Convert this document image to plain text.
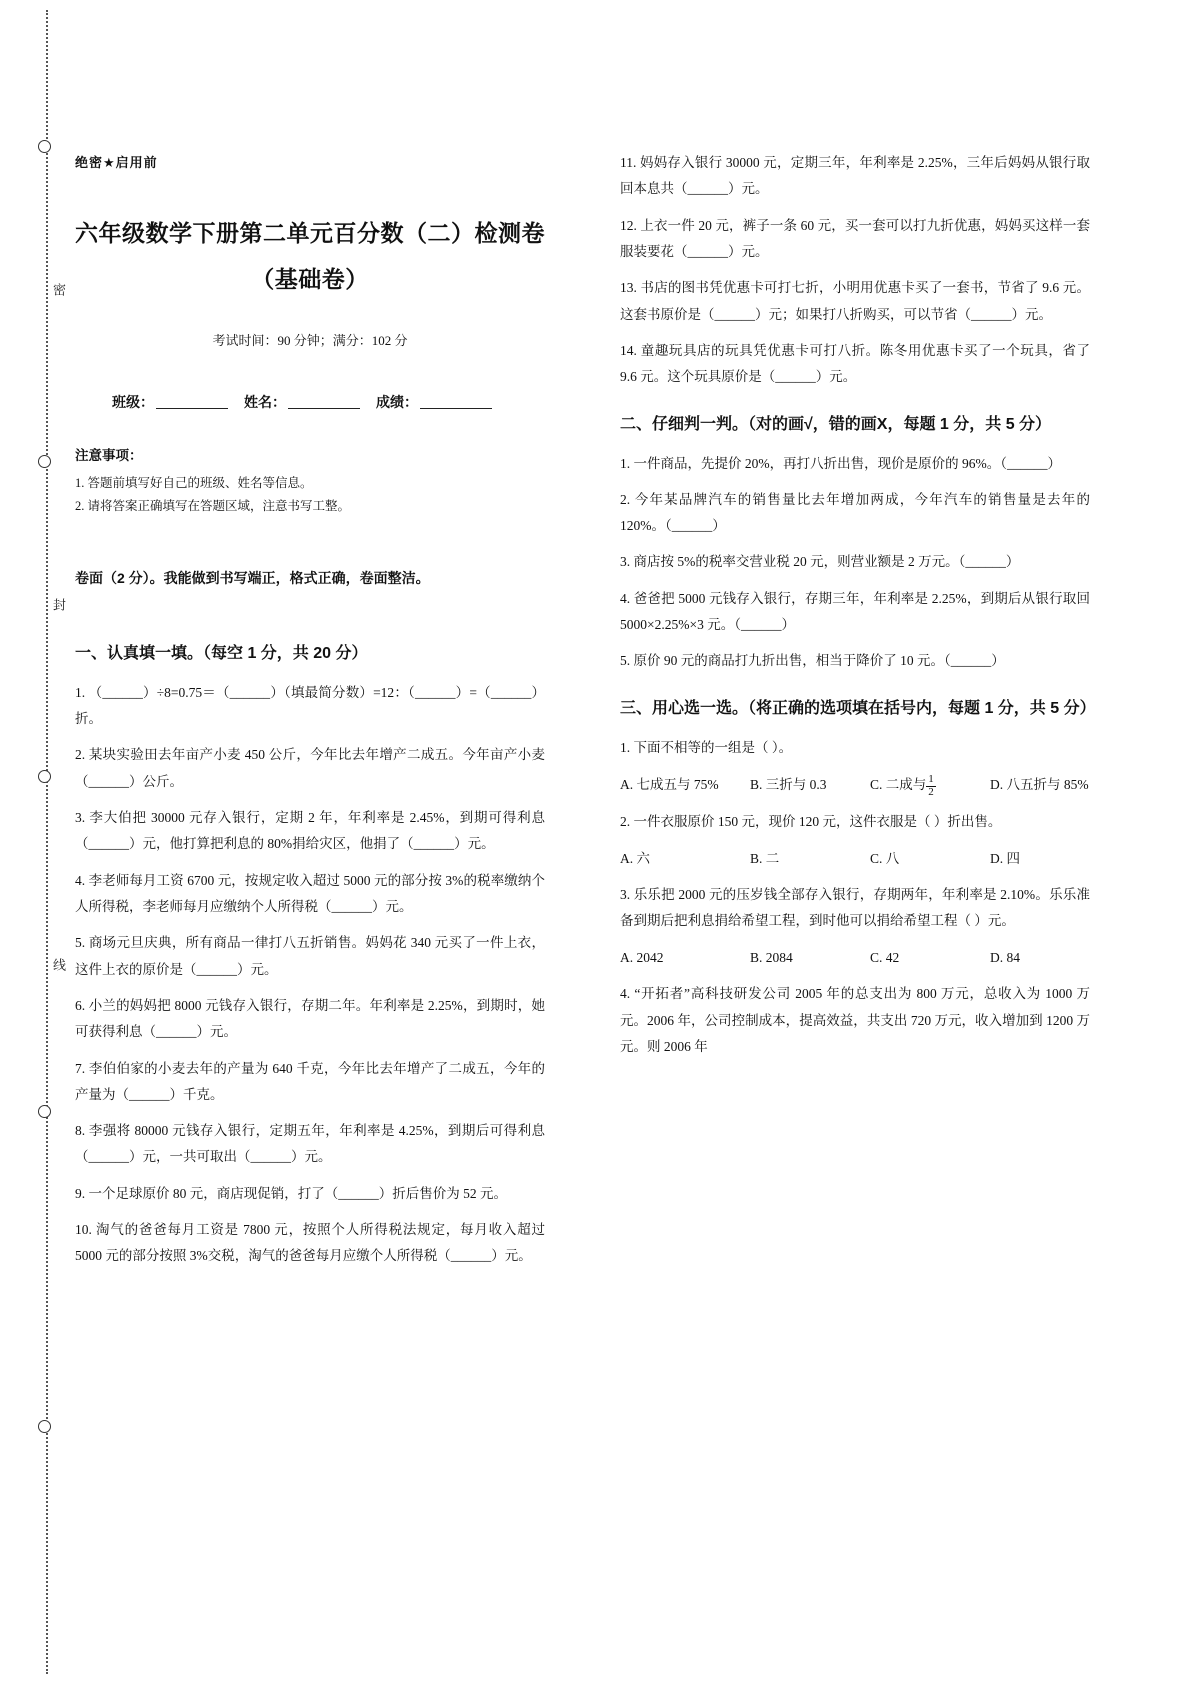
密
封
线
绝密★启用前
六年级数学下册第二单元百分数（二）检测卷（基础卷）
考试时间：90 分钟；满分：102 分
班级：	姓名：	成绩：
注意事项：

1. 答题前填写好自己的班级、姓名等信息。

2. 请将答案正确填写在答题区域，注意书写工整。

卷面（2 分）。我能做到书写端正，格式正确，卷面整洁。
一、认真填一填。（每空 1 分，共 20 分）

1. （______）÷8=0.75＝（______）（填最简分数）=12：（______）=（______）折。

2. 某块实验田去年亩产小麦 450 公斤，今年比去年增产二成五。今年亩产小麦（______）公斤。

3. 李大伯把 30000 元存入银行，定期 2 年，年利率是 2.45%，到期可得利息（______）元，他打算把利息的 80%捐给灾区，他捐了（______）元。

4. 李老师每月工资 6700 元，按规定收入超过 5000 元的部分按 3%的税率缴纳个人所得税，李老师每月应缴纳个人所得税（______）元。

5. 商场元旦庆典，所有商品一律打八五折销售。妈妈花 340 元买了一件上衣，这件上衣的原价是（______）元。

6. 小兰的妈妈把 8000 元钱存入银行，存期二年。年利率是 2.25%，到期时，她可获得利息（______）元。

7. 李伯伯家的小麦去年的产量为 640 千克，今年比去年增产了二成五，今年的产量为（______）千克。

8. 李强将 80000 元钱存入银行，定期五年，年利率是 4.25%，到期后可得利息（______）元，一共可取出（______）元。

9. 一个足球原价 80 元，商店现促销，打了（______）折后售价为 52 元。

10. 淘气的爸爸每月工资是 7800 元，按照个人所得税法规定，每月收入超过 5000 元的部分按照 3%交税，淘气的爸爸每月应缴个人所得税（______）元。

11. 妈妈存入银行 30000 元，定期三年，年利率是 2.25%，三年后妈妈从银行取回本息共（______）元。

12. 上衣一件 20 元，裤子一条 60 元，买一套可以打九折优惠，妈妈买这样一套服装要花（______）元。

13. 书店的图书凭优惠卡可打七折，小明用优惠卡买了一套书，节省了 9.6 元。这套书原价是（______）元；如果打八折购买，可以节省（______）元。

14. 童趣玩具店的玩具凭优惠卡可打八折。陈冬用优惠卡买了一个玩具，省了 9.6 元。这个玩具原价是（______）元。

二、仔细判一判。（对的画√，错的画X，每题 1 分，共 5 分）

1. 一件商品，先提价 20%，再打八折出售，现价是原价的 96%。（______）

2. 今年某品牌汽车的销售量比去年增加两成，今年汽车的销售量是去年的 120%。（______）

3. 商店按 5%的税率交营业税 20 元，则营业额是 2 万元。（______）

4. 爸爸把 5000 元钱存入银行，存期三年，年利率是 2.25%，到期后从银行取回 5000×2.25%×3 元。（______）

5. 原价 90 元的商品打九折出售，相当于降价了 10 元。（______）

三、用心选一选。（将正确的选项填在括号内，每题 1 分，共 5 分）

1. 下面不相等的一组是（ ）。

A. 七成五与 75%	B. 三折与 0.3	C. 二成与 $\frac{1}{2}$	D. 八五折与 85%

2. 一件衣服原价 150 元，现价 120 元，这件衣服是（ ）折出售。

A. 六	B. 二	C. 八	D. 四

3. 乐乐把 2000 元的压岁钱全部存入银行，存期两年，年利率是 2.10%。乐乐准备到期后把利息捐给希望工程，到时他可以捐给希望工程（ ）元。

A. 2042	B. 2084	C. 42	D. 84

4. “开拓者”高科技研发公司 2005 年的总支出为 800 万元，总收入为 1000 万元。2006 年，公司控制成本，提高效益，共支出 720 万元，收入增加到 1200 万元。则 2006 年
